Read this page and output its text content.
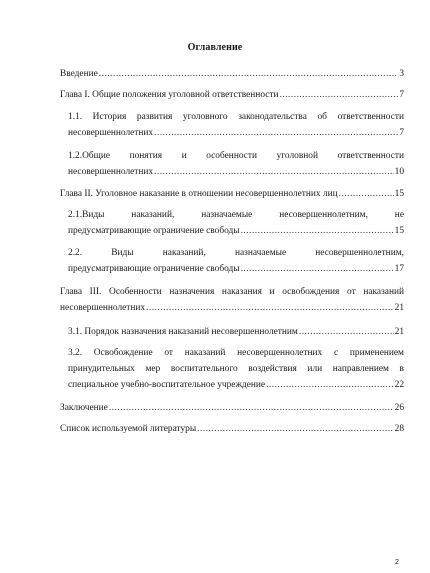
Оглавление
Введение .....	3
Глава I. Общие положения уголовной ответственности .....	7
1.1. История развития уголовного законодательства об ответственности
несовершеннолетних .....	7
1.2.Общие понятия и особенности уголовной ответственности
несовершеннолетних .....	10
Глава II. Уголовное наказание в отношении несовершеннолетних лиц .....	15
2.1.Виды наказаний, назначаемые несовершеннолетним, не
предусматривающие ограничение свободы .....	15
2.2. Виды наказаний, назначаемые несовершеннолетним,
предусматривающие ограничение свободы .....	17
Глава III. Особенности назначения наказания и освобождения от наказаний
несовершеннолетних .....	21
3.1. Порядок назначения наказаний несовершеннолетним .....	21
3.2. Освобождение от наказаний несовершеннолетних с применением
принудительных мер воспитательного воздействия или направлением в
специальное учебно-воспитательное учреждение .....	22
Заключение .....	26
Список используемой литературы .....	28
2
